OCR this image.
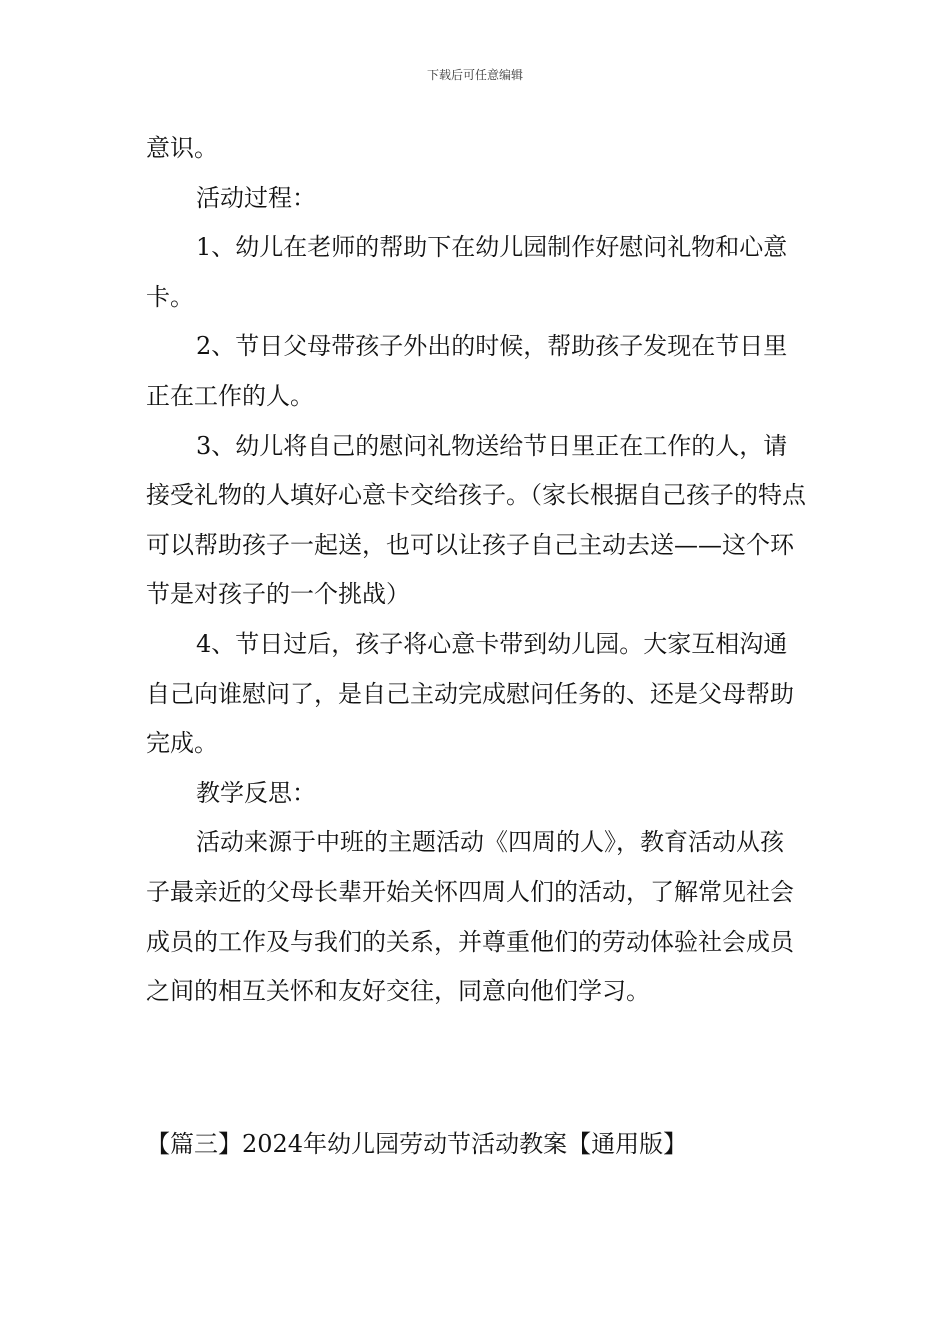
下载后可任意编辑

意识。

活动过程：

1、幼儿在老师的帮助下在幼儿园制作好慰问礼物和心意卡。

2、节日父母带孩子外出的时候，帮助孩子发现在节日里正在工作的人。

3、幼儿将自己的慰问礼物送给节日里正在工作的人，请接受礼物的人填好心意卡交给孩子。（家长根据自己孩子的特点可以帮助孩子一起送，也可以让孩子自己主动去送——这个环节是对孩子的一个挑战）

4、节日过后，孩子将心意卡带到幼儿园。大家互相沟通自己向谁慰问了，是自己主动完成慰问任务的、还是父母帮助完成。

教学反思：

活动来源于中班的主题活动《四周的人》，教育活动从孩子最亲近的父母长辈开始关怀四周人们的活动，了解常见社会成员的工作及与我们的关系，并尊重他们的劳动体验社会成员之间的相互关怀和友好交往，同意向他们学习。

【篇三】2024年幼儿园劳动节活动教案【通用版】
